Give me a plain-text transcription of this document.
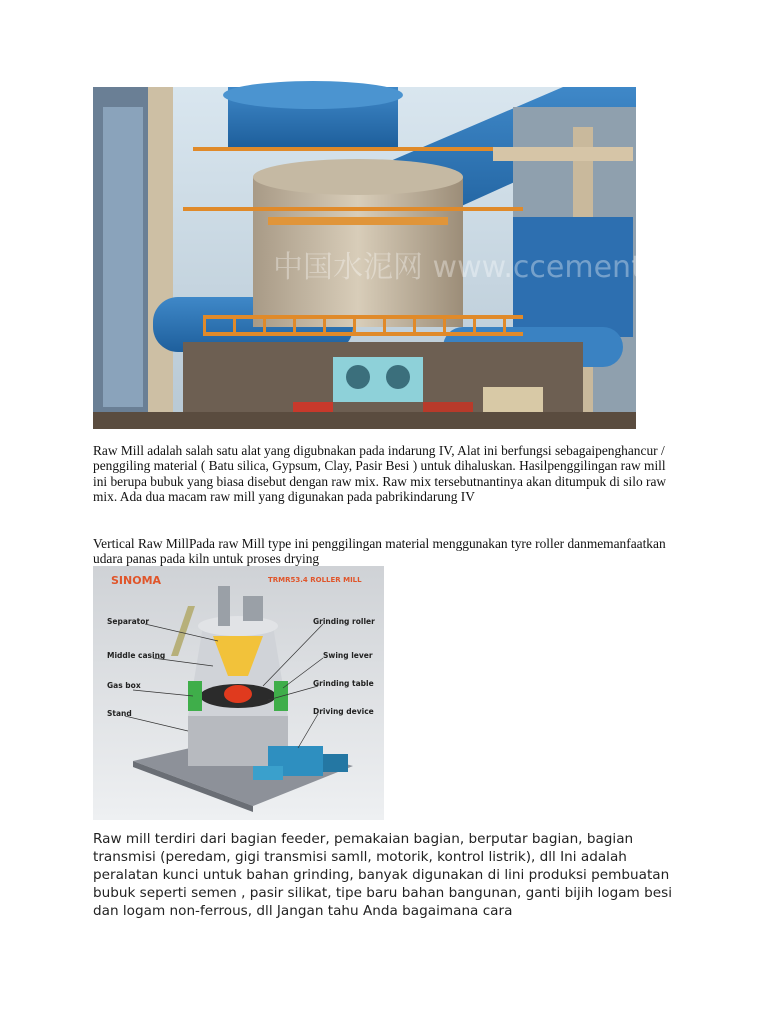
中国水泥网 www.ccement.com

Raw Mill adalah salah satu alat yang digubnakan pada indarung IV, Alat ini berfungsi sebagaipenghancur / penggiling material ( Batu silica, Gypsum, Clay, Pasir Besi ) untuk dihaluskan. Hasilpenggilingan raw mill ini berupa bubuk yang biasa disebut dengan raw mix. Raw mix tersebutnantinya akan ditumpuk di silo raw mix. Ada dua macam raw mill yang digunakan pada pabrikindarung IV

Vertical Raw MillPada raw Mill type ini penggilingan material menggunakan tyre roller danmemanfaatkan udara panas pada kiln untuk proses drying

SINOMA	TRMR53.4 ROLLER MILL
Separator
Middle casing
Gas box
Stand
Grinding roller
Swing lever
Grinding table
Driving device

Raw mill terdiri dari bagian feeder, pemakaian bagian, berputar bagian, bagian transmisi (peredam, gigi transmisi samll, motorik, kontrol listrik), dll Ini adalah peralatan kunci untuk bahan grinding, banyak digunakan di lini produksi pembuatan bubuk seperti semen , pasir silikat, tipe baru bahan bangunan, ganti bijih logam besi dan logam non-ferrous, dll Jangan tahu Anda bagaimana cara
